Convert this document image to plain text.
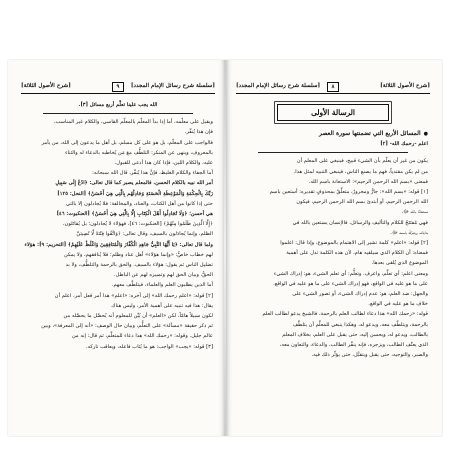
[سلسلة شرح رسائل الإمام المجدد]
٩
[شرح الأصول الثلاثة]

الله يجب علينا تعلُّم أربع مسائل [٣].

ويقبل على معلّمه، أما إذا بدأ المعلّم بالمعلّم القاسي، والكلام غير المناسب،

فإن هذا يُنفِّر.

فالواجب على المعلّم، بل هو على كل مسلم، بل أهل ما يدعون إلى الله، من يأمر

بالمعروف، وينهى عن المنكر: التلطُّف معَ مَن يُخاطبه بالدعاء له والثناء

عليه، والكلام اللين، فإذا كان هذا أدعى للقبول.

أما الجفاء والكلام الغليظ، فإنَّ هذا يُنفِّر، قال الله سبحانه:

أمر الله نبيه بالكلام الحسن، فالمعلم يصبر كما قال تعالى: ﴿ادْعُ إِلَى سَبِيلِ

رَبِّكَ بِالْحِكْمَةِ وَالْمَوْعِظَةِ الْحَسَنَةِ وَجَادِلْهُم بِالَّتِي هِيَ أَحْسَنُ﴾ [النحل: ١٢٥]

حتى إذا كانوا من أهل الكتاب، والعناد، والمخالفة: فلا يُجادلون إلا بالتي

هي أحسن؛ ﴿وَلَا تُجَادِلُوا أَهْلَ الْكِتَابِ إِلَّا بِالَّتِي هِيَ أَحْسَنُ﴾ [العنكبوت: ٤٦]

﴿إِلَّا الَّذِينَ ظَلَمُوا مِنْهُمْ﴾ [العنكبوت: ٤٦]، فهؤلاء لا يُجادلون؛ بل يُقاتَلون،

الظلم، وإنما يُجادَلون بالسيف، وقال تعالى: ﴿وَاتَّقُوا فِتْنَةً لَّا تُصِيبَنَّ

ولما قال تعالى: ﴿يَا أَيُّهَا النَّبِيُّ جَاهِدِ الْكُفَّارَ وَالْمُنَافِقِينَ وَاغْلُظْ عَلَيْهِمْ﴾ [التحريم: ٩]: هؤلاء

لهم خطاب خاصٌّ: «وإنما هؤلاء» أهل عناد وظلم؛ فلا يُنافقهم، ولا يمكن

تضليل الناس ثم يقول: هؤلاء بالسيف. والحق بالرحمة والتلطُّف، ولا بد

الحقُّ، وبيان الحق لهم وتمييزه لهم عن الباطل.

أما الذين يطلبون العلم والعلماء، فيتلطَّف معهم.

[٢] قوله: «اعلم رحمك الله» إلى آخره: «اعلم» هذا أمر فعل أمر، اعلم أن

يقال: هذا فيه تنبيه على أهمية الأمر، وليس هناك

لكون سبيلاً هامّاً، لكن «العلم» أن بُيِّن للمعلوم أنه يُحصِّل ما يحصِّله من

ثم ذكر حقيقة «مسألة» على التعلُّم، وبيان حال الوصف: «أنه إلى المعرفة»، وبين

عالم جليل. وقوله: «رحمك الله» هذا دعاء للمتعلِّم، ثم قال: إنه من

[٣] قوله: «يجب» الواجب: هو ما يُثاب فاعله، ويعاقب تاركه.

[شرح الأصول الثلاثة]
٨
[سلسلة شرح رسائل الإمام المجدد]
الرسالة الأولى
●
المسائل الأربع التي تضمنتها سورة العصر

اعلم -رحمك الله- [٢]

يكون من غير أن يعلّم بأن الشيء قبيح، فينبغي على المعلم أن

من لم يكن مقتدياً، فهم ما يصنع الناس، فينبغي التنبيه لمثل هذا.

فمعنى «بسم الله الرحمن الرحيم»: الاستعانة باسم الله.

[١] قوله: «بسم الله»: جارٌّ ومجرورٌ، متعلِّقٌ بمحذوفٍ تقديره: أستعين باسم

الله الرحمن الرحيم، أو أبتدئ بسم الله الرحمن الرحيم، فيكون

مستعانًا بالله ﷻ.

فهي مُفتَتَحٌ للكلام والتأليف والرسائل، فالإنسان يستعين بالله في

بداياته، ويتبرَّكُ باسمه ﷻ.

[٢] قوله: «اعلم» كلمة تشير إلى الاهتمام بالموضوع، وإذا قال: اعلموا

فمعناه: أن الكلام الذي سيلقيه هام، لأن هذه الكلمة تدل على أهمية

الموضوع الذي يُلقى بعدها.

ومعنى اعلم: أي تعلَّم، واعرف. وتعلُّم: أي تعلم الشيء، هو: إدراك الشيء

على ما هو عليه في الواقع، فهو إدراك الشيء على ما هو عليه في الواقع.

والجهل: ضد العلم، هو: عدم إدراك الشيء، أو تصور الشيء على

خلاف ما هو عليه في الواقع.

قوله: «رحمك الله» هذا دعاء لطالب العلم بالرحمة، فالشيخ يدعو لطالب العلم

بالرحمة، ويتلطَّف معه، ويدعو له، وهكذا ينبغي للمعلِّم أن يتلطَّف

بالطالب، ويدعو له، ويحسن إليه، حتى يقبل على العلم، بخلاف المعلم

الذي يعنِّف الطالب، ويزجره، فإنه ينفِّر الطالب، والدعاء، والتعاون معه،

والصبر، والتوجيه، حتى يقبل ويتقبَّل، حتى يؤثِّر ذلك فيه.
